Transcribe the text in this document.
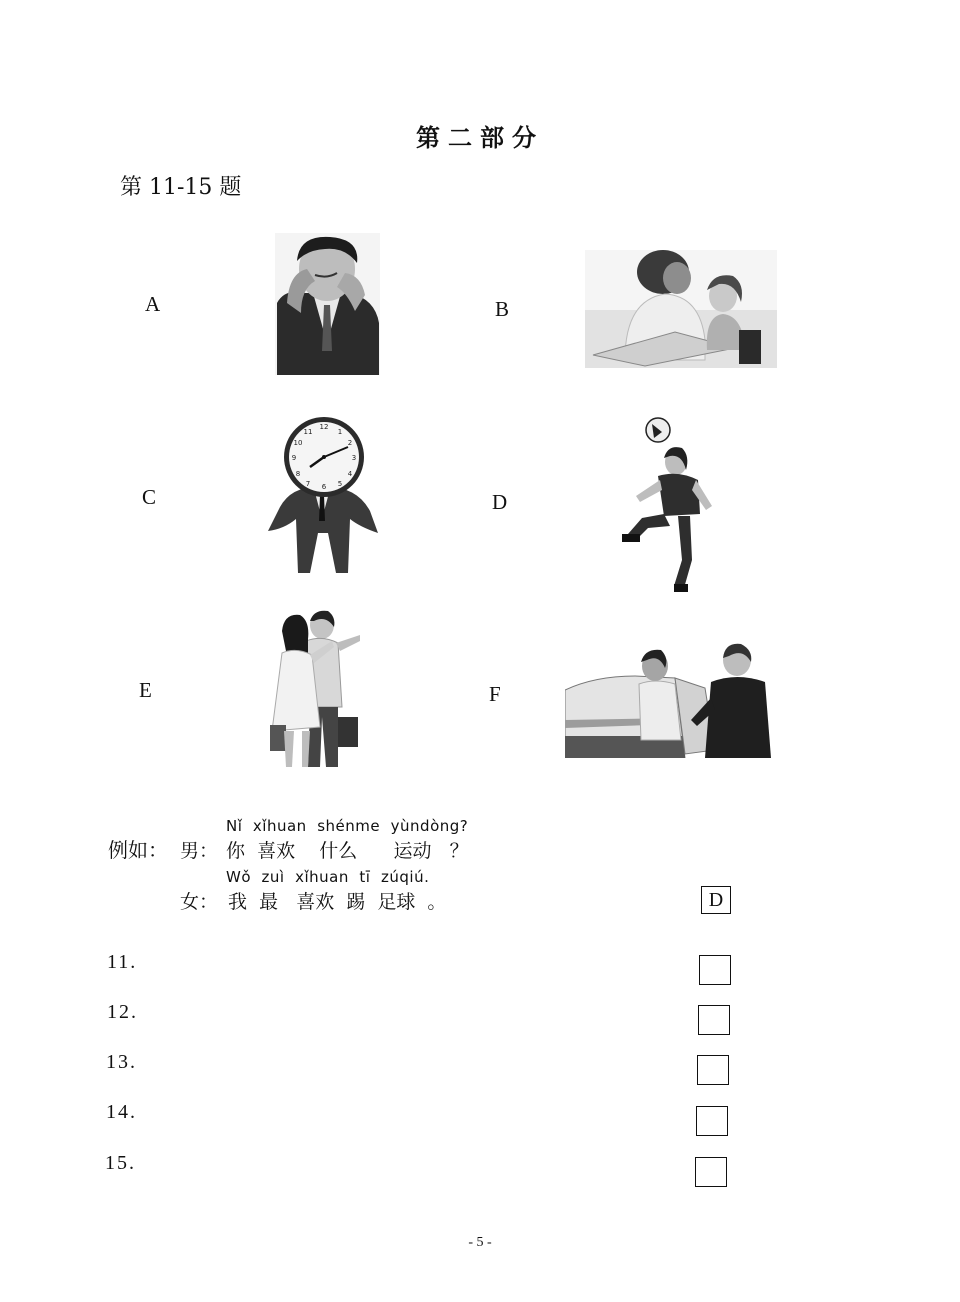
第二部分
第 11-15 题
A	B
C	D
E	F
12
3
6
9
1
2
11
10
4
5
7
8
例如： 男：
Nǐ  xǐhuan  shénme  yùndòng?
你  喜欢    什么      运动   ？
Wǒ  zuì  xǐhuan  tī  zúqiú.
女： 我  最   喜欢  踢  足球  。	D
11.
12.
13.
14.
15.
- 5 -
